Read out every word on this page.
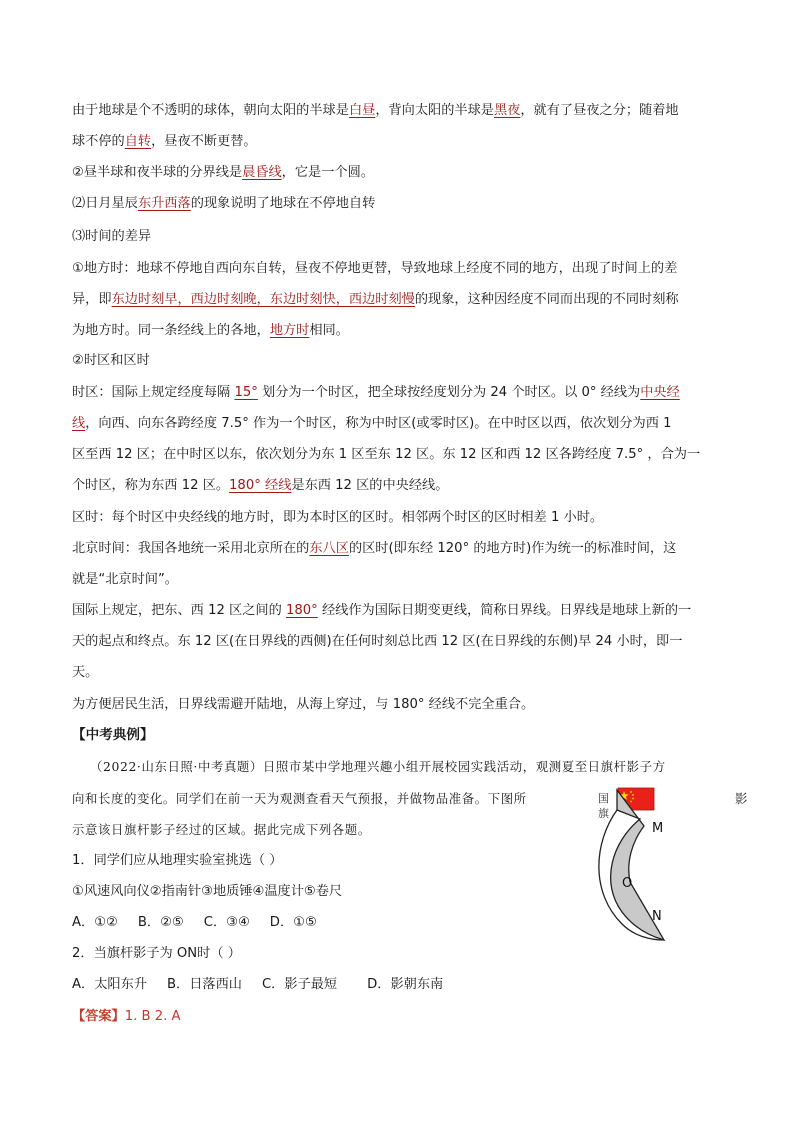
由于地球是个不透明的球体，朝向太阳的半球是白昼，背向太阳的半球是黑夜，就有了昼夜之分；随着地
球不停的自转，昼夜不断更替。
②昼半球和夜半球的分界线是晨昏线，它是一个圆。
⑵日月星辰东升西落的现象说明了地球在不停地自转
⑶时间的差异
①地方时：地球不停地自西向东自转，昼夜不停地更替，导致地球上经度不同的地方，出现了时间上的差
异，即东边时刻早，西边时刻晚，东边时刻快，西边时刻慢的现象，这种因经度不同而出现的不同时刻称
为地方时。同一条经线上的各地，地方时相同。
②时区和区时
时区：国际上规定经度每隔 15° 划分为一个时区，把全球按经度划分为 24 个时区。以 0° 经线为中央经
线，向西、向东各跨经度 7.5° 作为一个时区，称为中时区(或零时区)。在中时区以西，依次划分为西 1
区至西 12 区；在中时区以东，依次划分为东 1 区至东 12 区。东 12 区和西 12 区各跨经度 7.5° ，合为一
个时区，称为东西 12 区。180° 经线是东西 12 区的中央经线。
区时：每个时区中央经线的地方时，即为本时区的区时。相邻两个时区的区时相差 1 小时。
北京时间：我国各地统一采用北京所在的东八区的区时(即东经 120° 的地方时)作为统一的标准时间，这
就是“北京时间”。
国际上规定，把东、西 12 区之间的 180° 经线作为国际日期变更线，简称日界线。日界线是地球上新的一
天的起点和终点。东 12 区(在日界线的西侧)在任何时刻总比西 12 区(在日界线的东侧)早 24 小时，即一
天。
为方便居民生活，日界线需避开陆地，从海上穿过，与 180° 经线不完全重合。
【中考典例】
（2022·山东日照·中考真题）日照市某中学地理兴趣小组开展校园实践活动，观测夏至日旗杆影子方
向和长度的变化。同学们在前一天为观测查看天气预报，并做物品准备。下图所	影
示意该日旗杆影子经过的区域。据此完成下列各题。
1．同学们应从地理实验室挑选（ ）
①风速风向仪②指南针③地质锤④温度计⑤卷尺
A．①② B．②⑤ C．③④ D．①⑤
2．当旗杆影子为 ON时（ ）
A．太阳东升 B．日落西山 C．影子最短 D．影朝东南
【答案】1. B 2. A
国
旗
M
O
N
